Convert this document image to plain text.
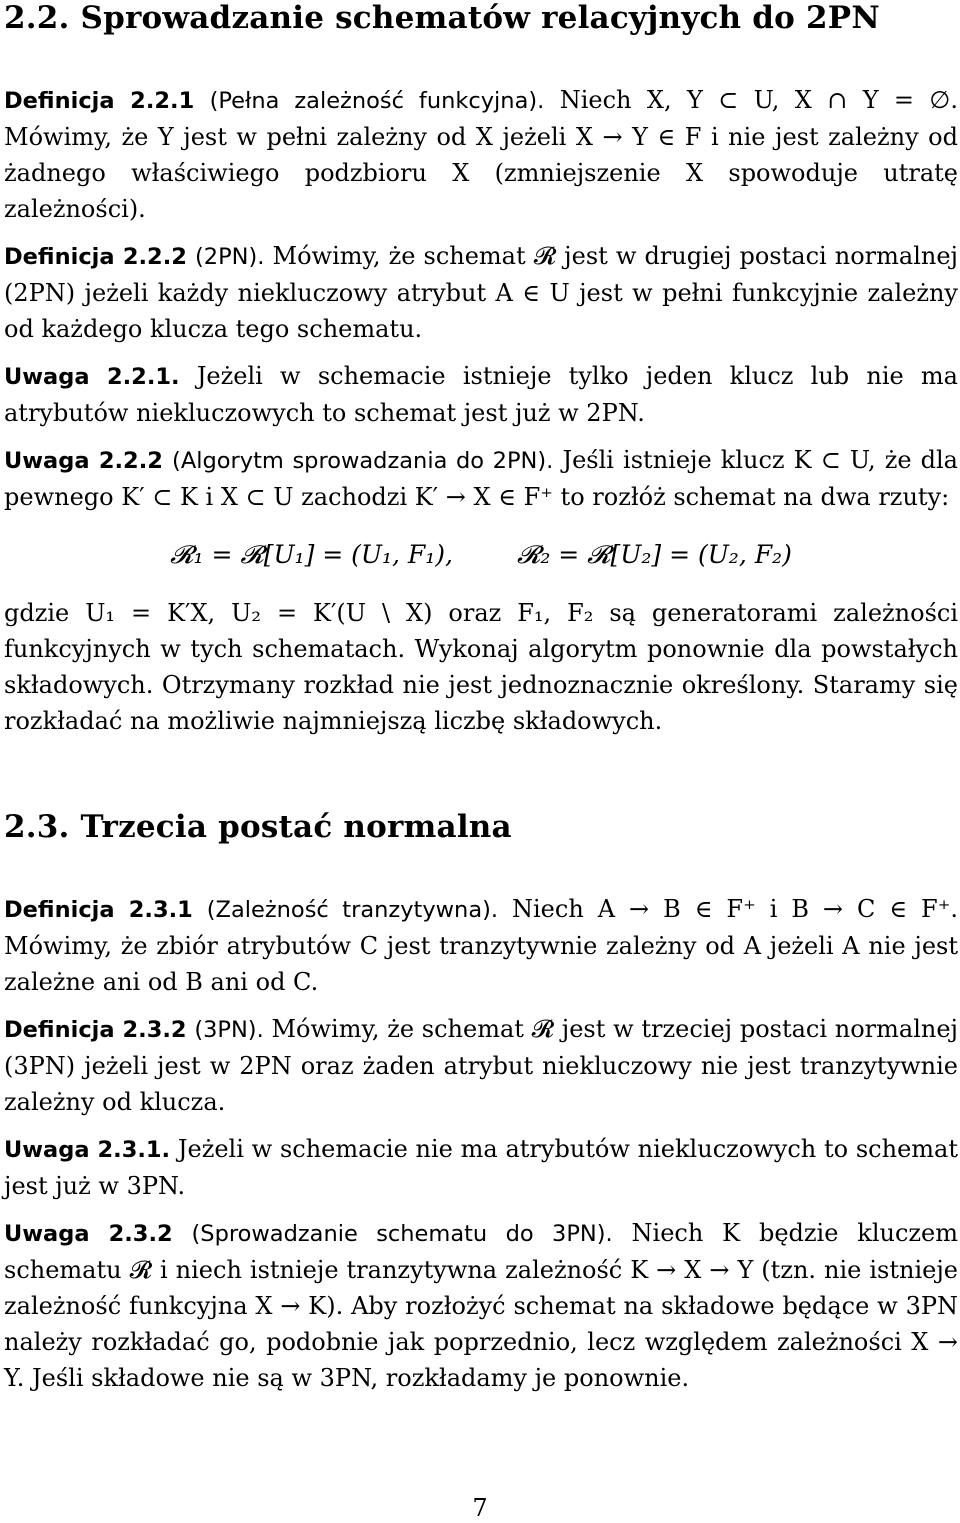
2.2. Sprowadzanie schematów relacyjnych do 2PN

Definicja 2.2.1 (Pełna zależność funkcyjna). Niech X, Y ⊂ U, X ∩ Y = ∅. Mówimy, że Y jest w pełni zależny od X jeżeli X → Y ∈ F i nie jest zależny od żadnego właściwiego podzbioru X (zmniejszenie X spowoduje utratę zależności).

Definicja 2.2.2 (2PN). Mówimy, że schemat 𝓡 jest w drugiej postaci normalnej (2PN) jeżeli każdy niekluczowy atrybut A ∈ U jest w pełni funkcyjnie zależny od każdego klucza tego schematu.

Uwaga 2.2.1. Jeżeli w schemacie istnieje tylko jeden klucz lub nie ma atrybutów niekluczowych to schemat jest już w 2PN.

Uwaga 2.2.2 (Algorytm sprowadzania do 2PN). Jeśli istnieje klucz K ⊂ U, że dla pewnego K′ ⊂ K i X ⊂ U zachodzi K′ → X ∈ F⁺ to rozłóż schemat na dwa rzuty:

𝓡₁ = 𝓡[U₁] = (U₁, F₁),	𝓡₂ = 𝓡[U₂] = (U₂, F₂)

gdzie U₁ = K′X, U₂ = K′(U \ X) oraz F₁, F₂ są generatorami zależności funkcyjnych w tych schematach. Wykonaj algorytm ponownie dla powstałych składowych. Otrzymany rozkład nie jest jednoznacznie określony. Staramy się rozkładać na możliwie najmniejszą liczbę składowych.

2.3. Trzecia postać normalna

Definicja 2.3.1 (Zależność tranzytywna). Niech A → B ∈ F⁺ i B → C ∈ F⁺. Mówimy, że zbiór atrybutów C jest tranzytywnie zależny od A jeżeli A nie jest zależne ani od B ani od C.

Definicja 2.3.2 (3PN). Mówimy, że schemat 𝓡 jest w trzeciej postaci normalnej (3PN) jeżeli jest w 2PN oraz żaden atrybut niekluczowy nie jest tranzytywnie zależny od klucza.

Uwaga 2.3.1. Jeżeli w schemacie nie ma atrybutów niekluczowych to schemat jest już w 3PN.

Uwaga 2.3.2 (Sprowadzanie schematu do 3PN). Niech K będzie kluczem schematu 𝓡 i niech istnieje tranzytywna zależność K → X → Y (tzn. nie istnieje zależność funkcyjna X → K). Aby rozłożyć schemat na składowe będące w 3PN należy rozkładać go, podobnie jak poprzednio, lecz względem zależności X → Y. Jeśli składowe nie są w 3PN, rozkładamy je ponownie.

7
